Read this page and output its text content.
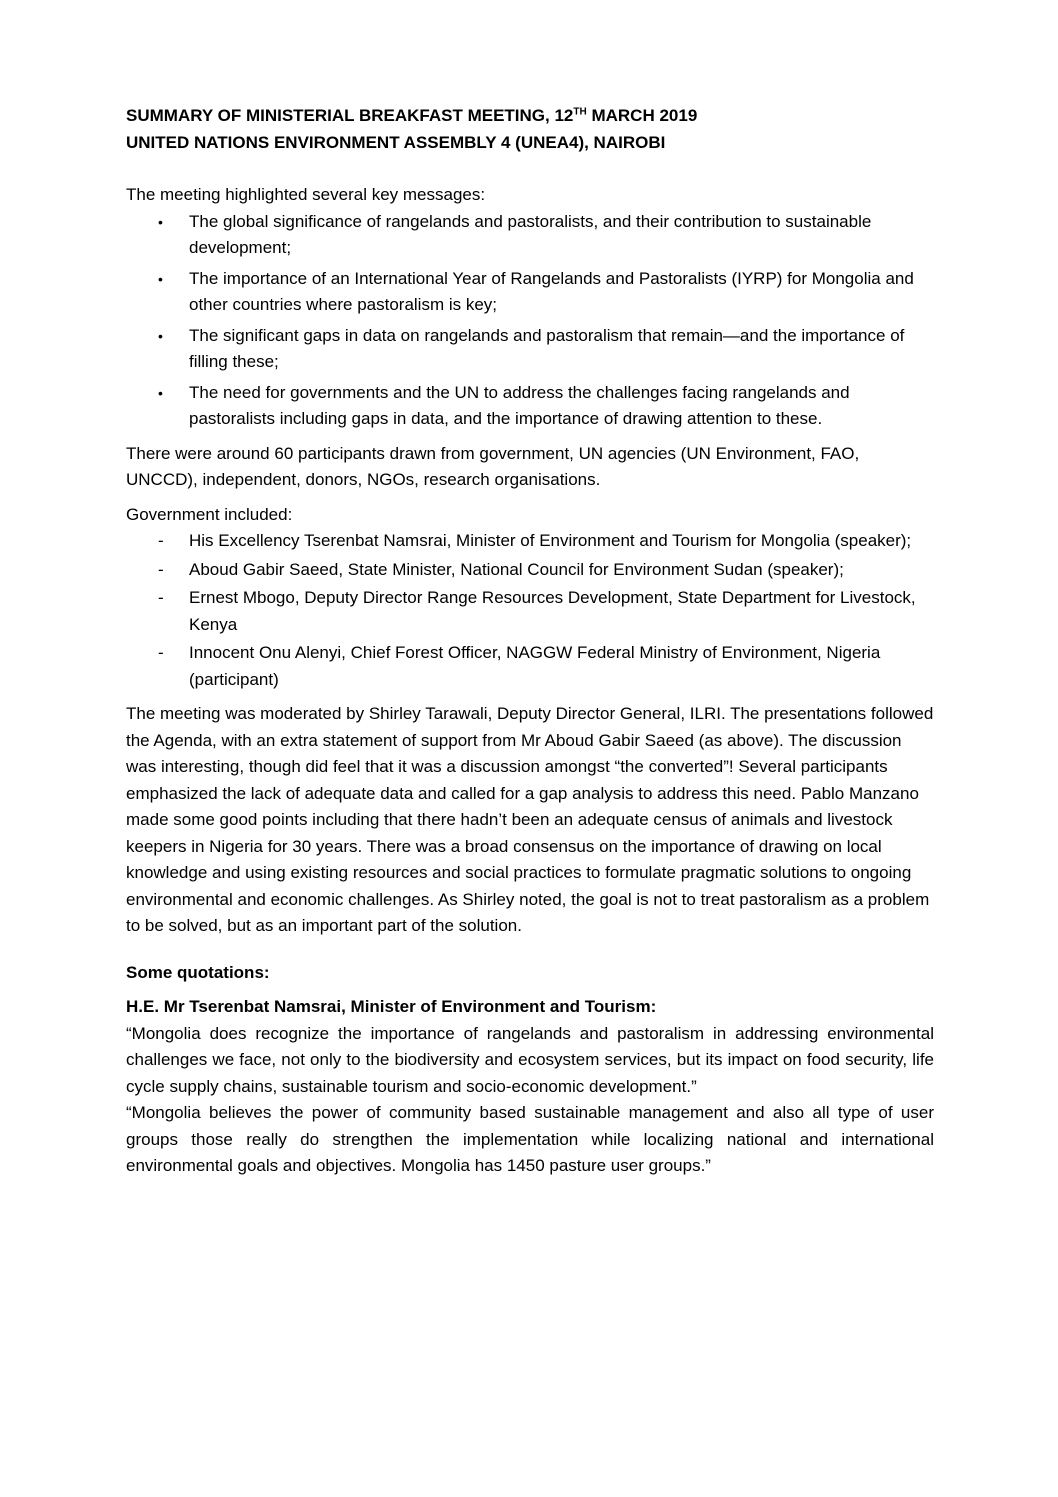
SUMMARY OF MINISTERIAL BREAKFAST MEETING, 12TH MARCH 2019
UNITED NATIONS ENVIRONMENT ASSEMBLY 4 (UNEA4), NAIROBI

The meeting highlighted several key messages:

• The global significance of rangelands and pastoralists, and their contribution to sustainable development;
• The importance of an International Year of Rangelands and Pastoralists (IYRP) for Mongolia and other countries where pastoralism is key;
• The significant gaps in data on rangelands and pastoralism that remain—and the importance of filling these;
• The need for governments and the UN to address the challenges facing rangelands and pastoralists including gaps in data, and the importance of drawing attention to these.

There were around 60 participants drawn from government, UN agencies (UN Environment, FAO, UNCCD), independent, donors, NGOs, research organisations.

Government included:

- His Excellency Tserenbat Namsrai, Minister of Environment and Tourism for Mongolia (speaker);
- Aboud Gabir Saeed, State Minister, National Council for Environment Sudan (speaker);
- Ernest Mbogo, Deputy Director Range Resources Development, State Department for Livestock, Kenya
- Innocent Onu Alenyi, Chief Forest Officer, NAGGW Federal Ministry of Environment, Nigeria (participant)

The meeting was moderated by Shirley Tarawali, Deputy Director General, ILRI. The presentations followed the Agenda, with an extra statement of support from Mr Aboud Gabir Saeed (as above). The discussion was interesting, though did feel that it was a discussion amongst “the converted”! Several participants emphasized the lack of adequate data and called for a gap analysis to address this need. Pablo Manzano made some good points including that there hadn’t been an adequate census of animals and livestock keepers in Nigeria for 30 years. There was a broad consensus on the importance of drawing on local knowledge and using existing resources and social practices to formulate pragmatic solutions to ongoing environmental and economic challenges. As Shirley noted, the goal is not to treat pastoralism as a problem to be solved, but as an important part of the solution.

Some quotations:

H.E. Mr Tserenbat Namsrai, Minister of Environment and Tourism:

“Mongolia does recognize the importance of rangelands and pastoralism in addressing environmental challenges we face, not only to the biodiversity and ecosystem services, but its impact on food security, life cycle supply chains, sustainable tourism and socio-economic development.”

“Mongolia believes the power of community based sustainable management and also all type of user groups those really do strengthen the implementation while localizing national and international environmental goals and objectives. Mongolia has 1450 pasture user groups.”
